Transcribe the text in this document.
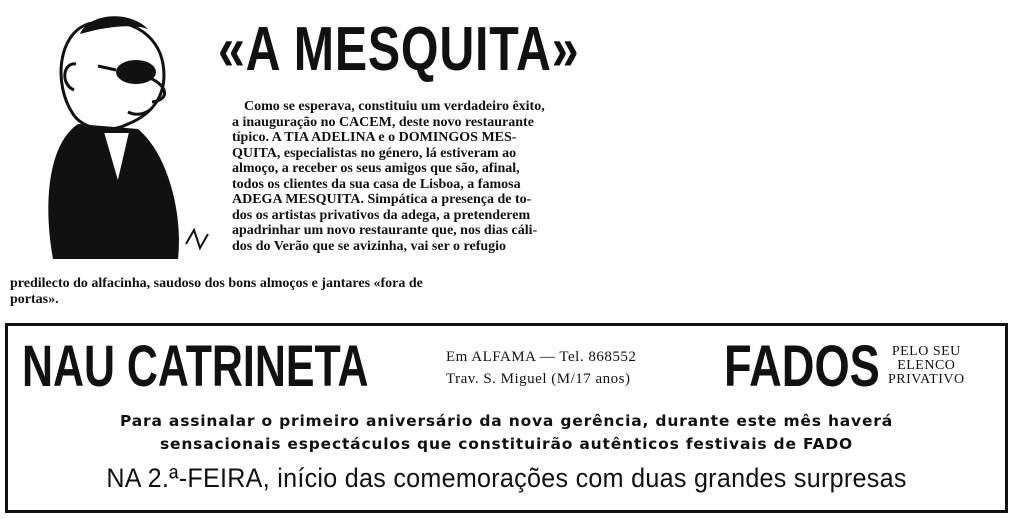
«A MESQUITA»

Como se esperava, constituiu um verdadeiro êxito,

a inauguração no CACEM, deste novo restaurante

típico. A TIA ADELINA e o DOMINGOS MES-

QUITA, especialistas no género, lá estiveram ao

almoço, a receber os seus amigos que são, afinal,

todos os clientes da sua casa de Lisboa, a famosa

ADEGA MESQUITA. Simpática a presença de to-

dos os artistas privativos da adega, a pretenderem

apadrinhar um novo restaurante que, nos dias cáli-

dos do Verão que se avizinha, vai ser o refugio

predilecto do alfacinha, saudoso dos bons almoços e jantares «fora de

portas».

NAU CATRINETA	Em ALFAMA — Tel. 868552
Trav. S. Miguel (M/17 anos) FADOS PELO SEU
ELENCO
PRIVATIVO
Para assinalar o primeiro aniversário da nova gerência, durante este mês haverá
sensacionais espectáculos que constituirão autênticos festivais de FADO
NA 2.ª-FEIRA, início das comemorações com duas grandes surpresas
